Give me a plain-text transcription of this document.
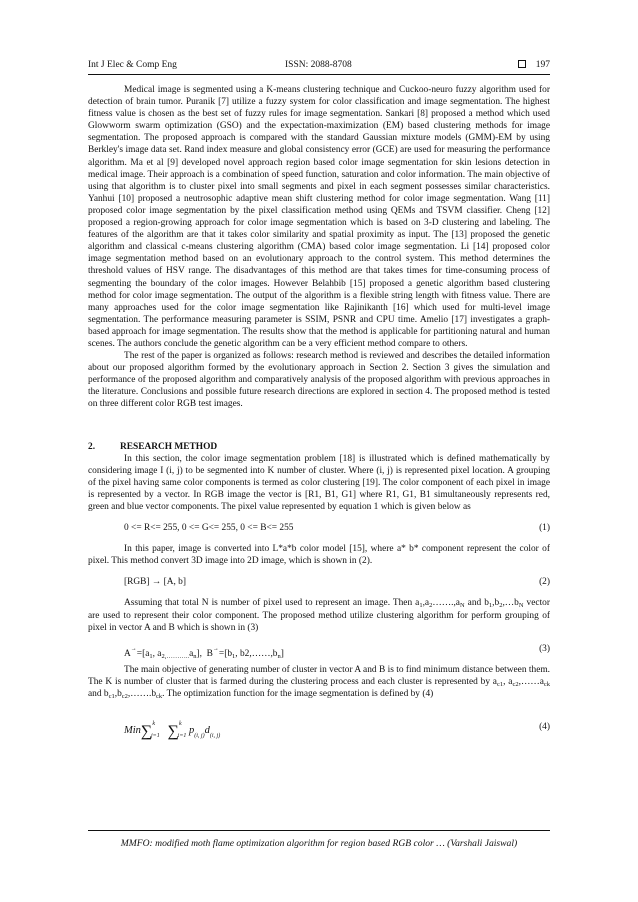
Int J Elec & Comp Eng	ISSN: 2088-8708	197

Medical image is segmented using a K-means clustering technique and Cuckoo-neuro fuzzy algorithm used for detection of brain tumor. Puranik [7] utilize a fuzzy system for color classification and image segmentation. The highest fitness value is chosen as the best set of fuzzy rules for image segmentation. Sankari [8] proposed a method which used Glowworm swarm optimization (GSO) and the expectation-maximization (EM) based clustering methods for image segmentation. The proposed approach is compared with the standard Gaussian mixture models (GMM)-EM by using Berkley's image data set. Rand index measure and global consistency error (GCE) are used for measuring the performance algorithm. Ma et al [9] developed novel approach region based color image segmentation for skin lesions detection in medical image. Their approach is a combination of speed function, saturation and color information. The main objective of using that algorithm is to cluster pixel into small segments and pixel in each segment possesses similar characteristics. Yanhui [10] proposed a neutrosophic adaptive mean shift clustering method for color image segmentation. Wang [11] proposed color image segmentation by the pixel classification method using QEMs and TSVM classifier. Cheng [12] proposed a region-growing approach for color image segmentation which is based on 3-D clustering and labeling. The features of the algorithm are that it takes color similarity and spatial proximity as input. The [13] proposed the genetic algorithm and classical c-means clustering algorithm (CMA) based color image segmentation. Li [14] proposed color image segmentation method based on an evolutionary approach to the control system. This method determines the threshold values of HSV range. The disadvantages of this method are that takes times for time-consuming process of segmenting the boundary of the color images. However Belahbib [15] proposed a genetic algorithm based clustering method for color image segmentation. The output of the algorithm is a flexible string length with fitness value. There are many approaches used for the color image segmentation like Rajinikanth [16] which used for multi-level image segmentation. The performance measuring parameter is SSIM, PSNR and CPU time. Amelio [17] investigates a graph-based approach for image segmentation. The results show that the method is applicable for partitioning natural and human scenes. The authors conclude the genetic algorithm can be a very efficient method compare to others.

The rest of the paper is organized as follows: research method is reviewed and describes the detailed information about our proposed algorithm formed by the evolutionary approach in Section 2. Section 3 gives the simulation and performance of the proposed algorithm and comparatively analysis of the proposed algorithm with previous approaches in the literature. Conclusions and possible future research directions are explored in section 4. The proposed method is tested on three different color RGB test images.

2.	RESEARCH METHOD

In this section, the color image segmentation problem [18] is illustrated which is defined mathematically by considering image I (i, j) to be segmented into K number of cluster. Where (i, j) is represented pixel location. A grouping of the pixel having same color components is termed as color clustering [19]. The color component of each pixel in image is represented by a vector. In RGB image the vector is [R1, B1, G1] where R1, G1, B1 simultaneously represents red, green and blue vector components. The pixel value represented by equation 1 which is given below as

0 <= R<= 255, 0 <= G<= 255, 0 <= B<= 255	(1)

In this paper, image is converted into L*a*b color model [15], where a* b* component represent the color of pixel. This method convert 3D image into 2D image, which is shown in (2).

[RGB] → [A, b]	(2)

Assuming that total N is number of pixel used to represent an image. Then $a_1,a_2\dots\dots.,a_N$ and $b_1,b_2,\dots b_N$ vector are used to represent their color component. The proposed method utilize clustering algorithm for perform grouping of pixel in vector A and B which is shown in (3)

$A^\to=[a_1$, $a_{2,\dots\dots\dots..}a_n$],  $B^\to=[b_1$, $b2,\dots\dots,b_n$]	(3)

The main objective of generating number of cluster in vector A and B is to find minimum distance between them. The K is number of cluster that is farmed during the clustering process and each cluster is represented by $a_{c1}$, $a_{c2},\dots\dots a_{ck}$ and $b_{c1},b_{c2},\dots\dots.b_{ck}$. The optimization function for the image segmentation is defined by (4)

Min∑$^k_{j=1}$ ∑$^k_{i=1}$ $p_{(i, j)}d_{(i, j)}$
(4)
MMFO: modified moth flame optimization algorithm for region based RGB color … (Varshali Jaiswal)
